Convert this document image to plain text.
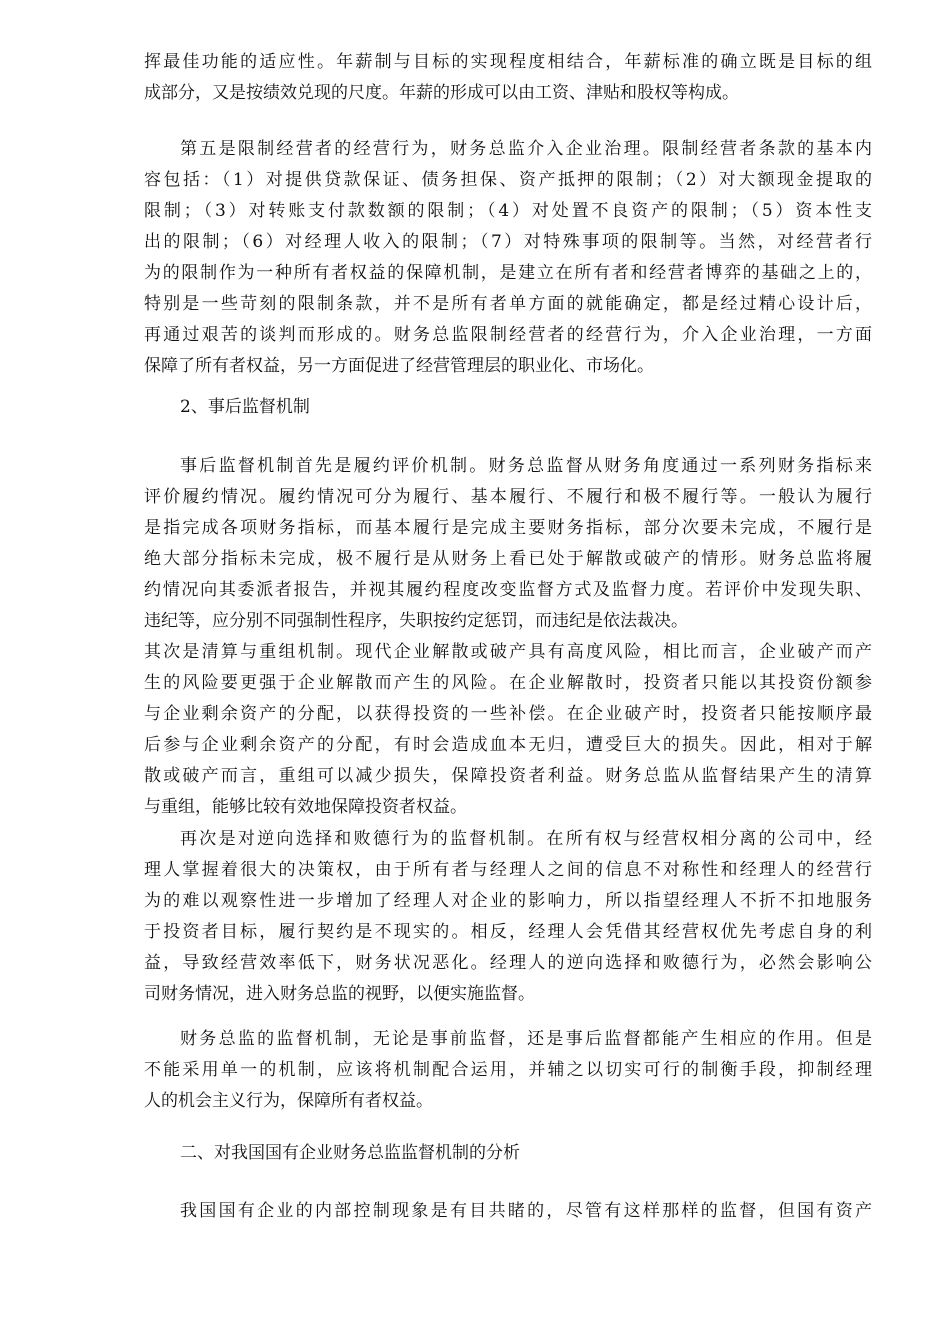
挥最佳功能的适应性。年薪制与目标的实现程度相结合，年薪标准的确立既是目标的组
成部分，又是按绩效兑现的尺度。年薪的形成可以由工资、津贴和股权等构成。
第五是限制经营者的经营行为，财务总监介入企业治理。限制经营者条款的基本内
容包括：（1）对提供贷款保证、债务担保、资产抵押的限制；（2）对大额现金提取的
限制；（3）对转账支付款数额的限制；（4）对处置不良资产的限制；（5）资本性支
出的限制；（6）对经理人收入的限制；（7）对特殊事项的限制等。当然，对经营者行
为的限制作为一种所有者权益的保障机制，是建立在所有者和经营者博弈的基础之上的，
特别是一些苛刻的限制条款，并不是所有者单方面的就能确定，都是经过精心设计后，
再通过艰苦的谈判而形成的。财务总监限制经营者的经营行为，介入企业治理，一方面
保障了所有者权益，另一方面促进了经营管理层的职业化、市场化。
2、事后监督机制
事后监督机制首先是履约评价机制。财务总监督从财务角度通过一系列财务指标来
评价履约情况。履约情况可分为履行、基本履行、不履行和极不履行等。一般认为履行
是指完成各项财务指标，而基本履行是完成主要财务指标，部分次要未完成，不履行是
绝大部分指标未完成，极不履行是从财务上看已处于解散或破产的情形。财务总监将履
约情况向其委派者报告，并视其履约程度改变监督方式及监督力度。若评价中发现失职、
违纪等，应分别不同强制性程序，失职按约定惩罚，而违纪是依法裁决。
其次是清算与重组机制。现代企业解散或破产具有高度风险，相比而言，企业破产而产
生的风险要更强于企业解散而产生的风险。在企业解散时，投资者只能以其投资份额参
与企业剩余资产的分配，以获得投资的一些补偿。在企业破产时，投资者只能按顺序最
后参与企业剩余资产的分配，有时会造成血本无归，遭受巨大的损失。因此，相对于解
散或破产而言，重组可以减少损失，保障投资者利益。财务总监从监督结果产生的清算
与重组，能够比较有效地保障投资者权益。
再次是对逆向选择和败德行为的监督机制。在所有权与经营权相分离的公司中，经
理人掌握着很大的决策权，由于所有者与经理人之间的信息不对称性和经理人的经营行
为的难以观察性进一步增加了经理人对企业的影响力，所以指望经理人不折不扣地服务
于投资者目标，履行契约是不现实的。相反，经理人会凭借其经营权优先考虑自身的利
益，导致经营效率低下，财务状况恶化。经理人的逆向选择和败德行为，必然会影响公
司财务情况，进入财务总监的视野，以便实施监督。
财务总监的监督机制，无论是事前监督，还是事后监督都能产生相应的作用。但是
不能采用单一的机制，应该将机制配合运用，并辅之以切实可行的制衡手段，抑制经理
人的机会主义行为，保障所有者权益。
二、对我国国有企业财务总监监督机制的分析
我国国有企业的内部控制现象是有目共睹的，尽管有这样那样的监督，但国有资产
